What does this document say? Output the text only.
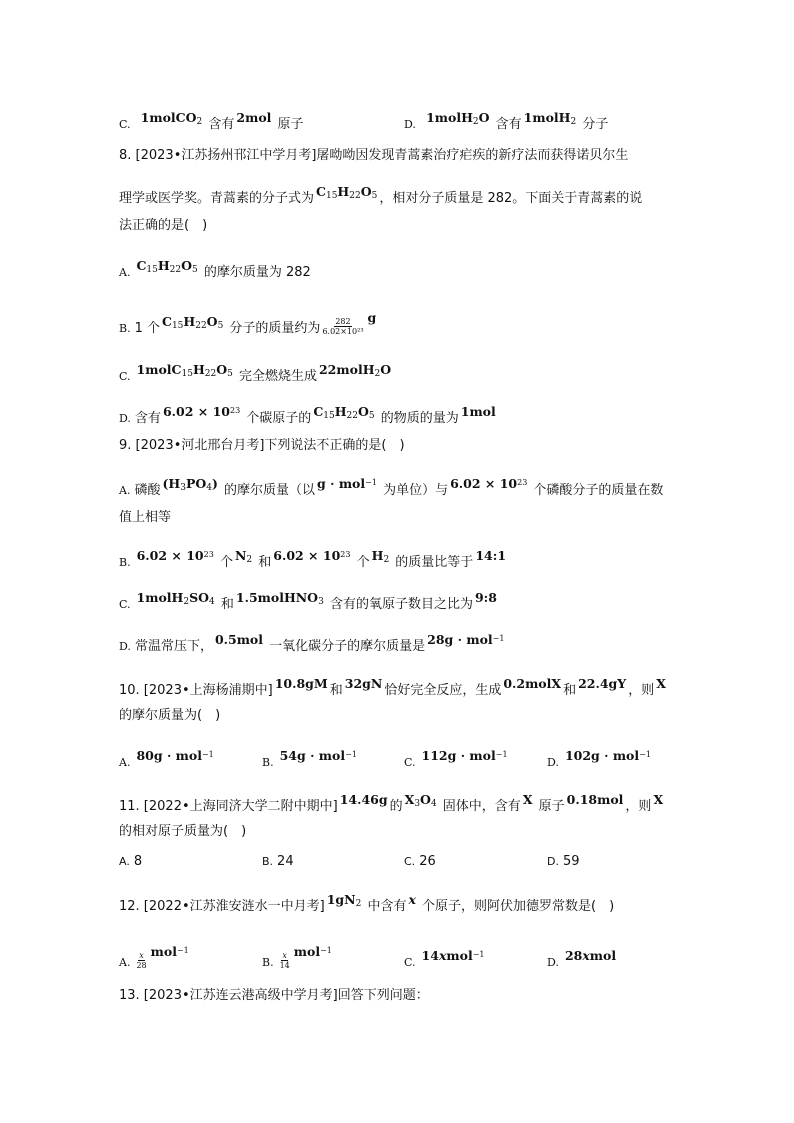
C. 1molCO$_2$ 含有 2mol 原子	D. 1molH$_2$O 含有 1molH$_2$ 分子
8. [2023•江苏扬州邗江中学月考]屠呦呦因发现青蒿素治疗疟疾的新疗法而获得诺贝尔生
理学或医学奖。青蒿素的分子式为 $C_{15}H_{22}O_5$ ，相对分子质量是 282。下面关于青蒿素的说
法正确的是(　)
A. $C_{15}H_{22}O_5$ 的摩尔质量为 282
B. 1 个 $C_{15}H_{22}O_5$ 分子的质量约为 $\frac{282}{\text{6.02×10²³}}$ g
C. $1molC_{15}H_{22}O_5$ 完全燃烧生成 22molH$_2$O
D. 含有 $6.02 \times 10^{23}$ 个碳原子的 $C_{15}H_{22}O_5$ 的物质的量为 1mol
9. [2023•河北邢台月考]下列说法不正确的是(　)
A. 磷酸 $(H_3PO_4)$ 的摩尔质量（以 g · mol$^{-1}$ 为单位）与 $6.02 \times 10^{23}$ 个磷酸分子的质量在数
值上相等
B. $6.02 \times 10^{23}$ 个 $N_2$ 和 $6.02 \times 10^{23}$ 个 $H_2$ 的质量比等于 14:1
C. $1molH_2SO_4$ 和 1.5molHNO$_3$ 含有的氧原子数目之比为 9:8
D. 常温常压下， 0.5mol 一氧化碳分子的摩尔质量是 28g · mol$^{-1}$
10. [2023•上海杨浦期中] 10.8gM 和 32gN 恰好完全反应，生成 0.2molX 和 22.4gY ，则 X
的摩尔质量为(　)
A. 80g · mol$^{-1}$
B. 54g · mol$^{-1}$
C. 112g · mol$^{-1}$
D. 102g · mol$^{-1}$
11. [2022•上海同济大学二附中期中] 14.46g 的 $X_3O_4$ 固体中，含有 X 原子 0.18mol ，则 X
的相对原子质量为(　)
A. 8	B. 24	C. 26	D. 59
12. [2022•江苏淮安涟水一中月考] $1gN_2$ 中含有 x 个原子，则阿伏加德罗常数是(　)
A. $\frac{x}{28} mol^{-1}$
B. $\frac{x}{14} mol^{-1}$
C. 14xmol$^{-1}$
D. 28xmol
13. [2023•江苏连云港高级中学月考]回答下列问题：
